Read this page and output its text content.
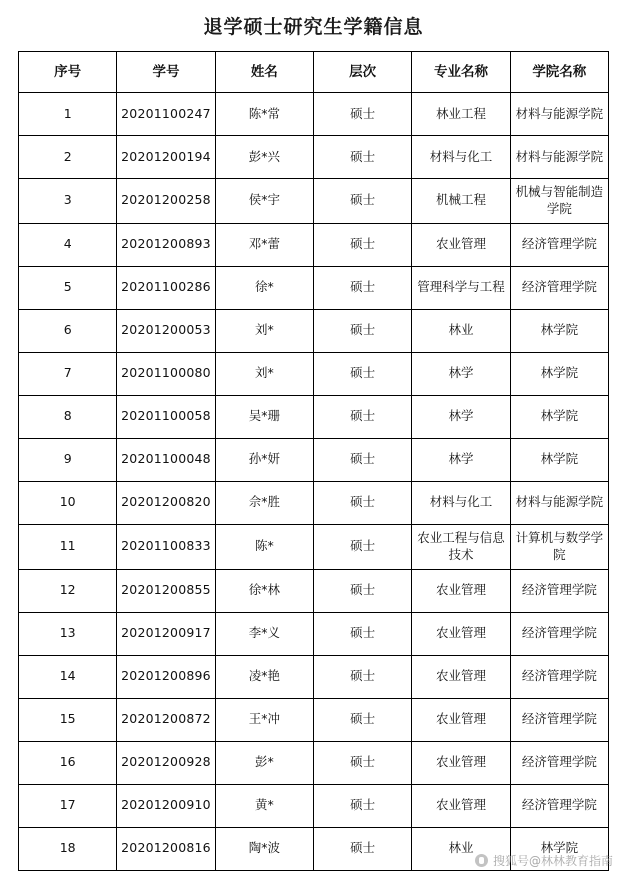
退学硕士研究生学籍信息
序号	学号	姓名	层次	专业名称	学院名称
1	20201100247	陈*常	硕士	林业工程	材料与能源学院
2	20201200194	彭*兴	硕士	材料与化工	材料与能源学院
3	20201200258	侯*宇	硕士	机械工程	机械与智能制造学院
4	20201200893	邓*蕾	硕士	农业管理	经济管理学院
5	20201100286	徐*	硕士	管理科学与工程	经济管理学院
6	20201200053	刘*	硕士	林业	林学院
7	20201100080	刘*	硕士	林学	林学院
8	20201100058	吴*珊	硕士	林学	林学院
9	20201100048	孙*妍	硕士	林学	林学院
10	20201200820	佘*胜	硕士	材料与化工	材料与能源学院
11	20201100833	陈*	硕士	农业工程与信息技术	计算机与数学学院
12	20201200855	徐*林	硕士	农业管理	经济管理学院
13	20201200917	李*义	硕士	农业管理	经济管理学院
14	20201200896	凌*艳	硕士	农业管理	经济管理学院
15	20201200872	王*冲	硕士	农业管理	经济管理学院
16	20201200928	彭*	硕士	农业管理	经济管理学院
17	20201200910	黄*	硕士	农业管理	经济管理学院
18	20201200816	陶*波	硕士	林业	林学院
搜狐号@林林教育指南
